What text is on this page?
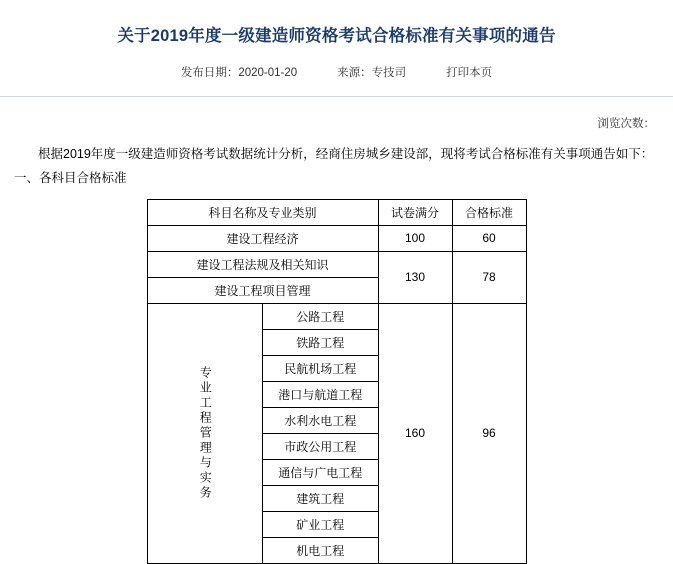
关于2019年度一级建造师资格考试合格标准有关事项的通告
发布日期：2020-01-20	来源：专技司	打印本页
浏览次数：

根据2019年度一级建造师资格考试数据统计分析，经商住房城乡建设部，现将考试合格标准有关事项通告如下：

一、各科目合格标准

科目名称及专业类别		试卷满分	合格标准
建设工程经济		100	60
建设工程法规及相关知识		130	78
建设工程项目管理			
专业工程管理与实务	公路工程	160	96
	铁路工程		
	民航机场工程		
	港口与航道工程		
	水利水电工程		
	市政公用工程		
	通信与广电工程		
	建筑工程		
	矿业工程		
	机电工程		
